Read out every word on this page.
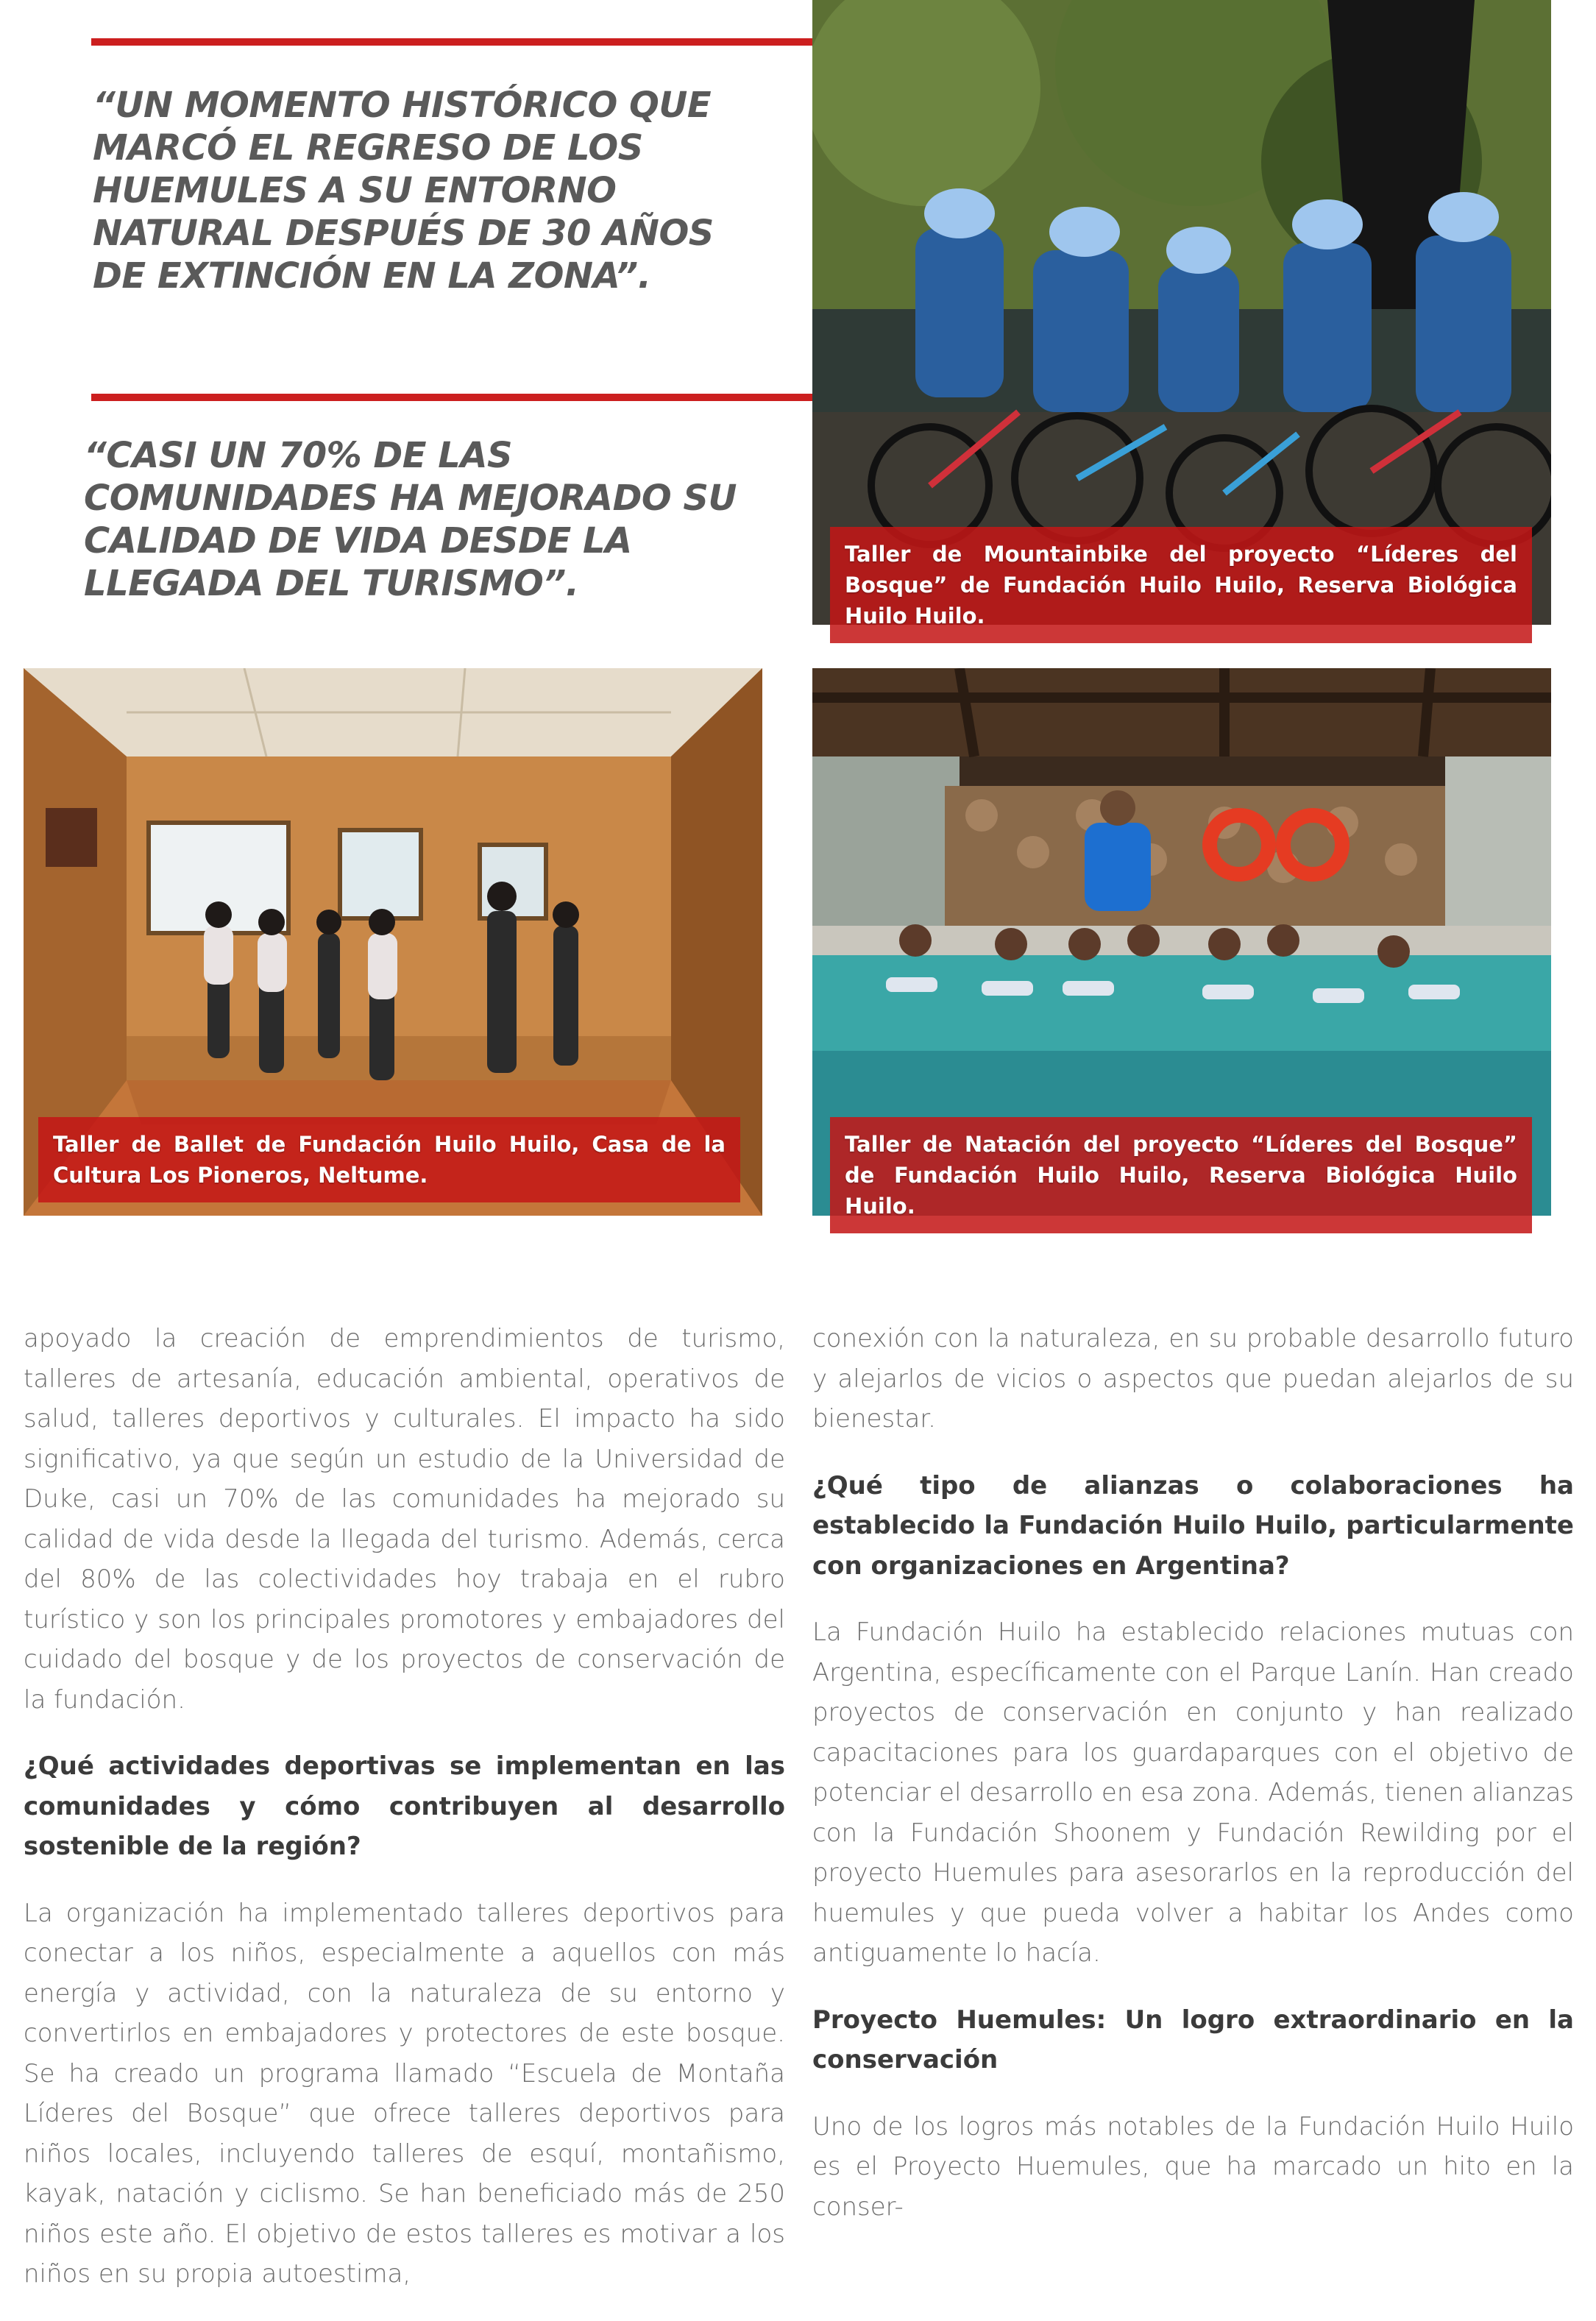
“UN MOMENTO HISTÓRICO QUE MARCÓ EL REGRESO DE LOS HUEMULES A SU ENTORNO NATURAL DESPUÉS DE 30 AÑOS DE EXTINCIÓN EN LA ZONA”.

“CASI UN 70% DE LAS COMUNIDADES HA MEJORADO SU CALIDAD DE VIDA DESDE LA LLEGADA DEL TURISMO”.

Taller de Mountainbike del proyecto “Líderes del Bosque” de Fundación Huilo Huilo, Reserva Biológica Huilo Huilo.
Taller de Ballet de Fundación Huilo Huilo, Casa de la Cultura Los Pioneros, Neltume.
Taller de Natación del proyecto “Líderes del Bosque” de Fundación Huilo Huilo, Reserva Biológica Huilo Huilo.

apoyado la creación de emprendimientos de turismo, talleres de artesanía, educación ambiental, operativos de salud, talleres deportivos y culturales. El impacto ha sido significativo, ya que según un estudio de la Universidad de Duke, casi un 70% de las comunidades ha mejorado su calidad de vida desde la llegada del turismo. Además, cerca del 80% de las colectividades hoy trabaja en el rubro turístico y son los principales promotores y embajadores del cuidado del bosque y de los proyectos de conservación de la fundación.

¿Qué actividades deportivas se implementan en las comunidades y cómo contribuyen al desarrollo sostenible de la región?

La organización ha implementado talleres deportivos para conectar a los niños, especialmente a aquellos con más energía y actividad, con la naturaleza de su entorno y convertirlos en embajadores y protectores de este bosque. Se ha creado un programa llamado “Escuela de Montaña Líderes del Bosque” que ofrece talleres deportivos para niños locales, incluyendo talleres de esquí, montañismo, kayak, natación y ciclismo. Se han beneficiado más de 250 niños este año. El objetivo de estos talleres es motivar a los niños en su propia autoestima,

conexión con la naturaleza, en su probable desarrollo futuro y alejarlos de vicios o aspectos que puedan alejarlos de su bienestar.

¿Qué tipo de alianzas o colaboraciones ha establecido la Fundación Huilo Huilo, particularmente con organizaciones en Argentina?

La Fundación Huilo ha establecido relaciones mutuas con Argentina, específicamente con el Parque Lanín. Han creado proyectos de conservación en conjunto y han realizado capacitaciones para los guardaparques con el objetivo de potenciar el desarrollo en esa zona. Además, tienen alianzas con la Fundación Shoonem y Fundación Rewilding por el proyecto Huemules para asesorarlos en la reproducción del huemules y que pueda volver a habitar los Andes como antiguamente lo hacía.

Proyecto Huemules: Un logro extraordinario en la conservación

Uno de los logros más notables de la Fundación Huilo Huilo es el Proyecto Huemules, que ha marcado un hito en la conser-
